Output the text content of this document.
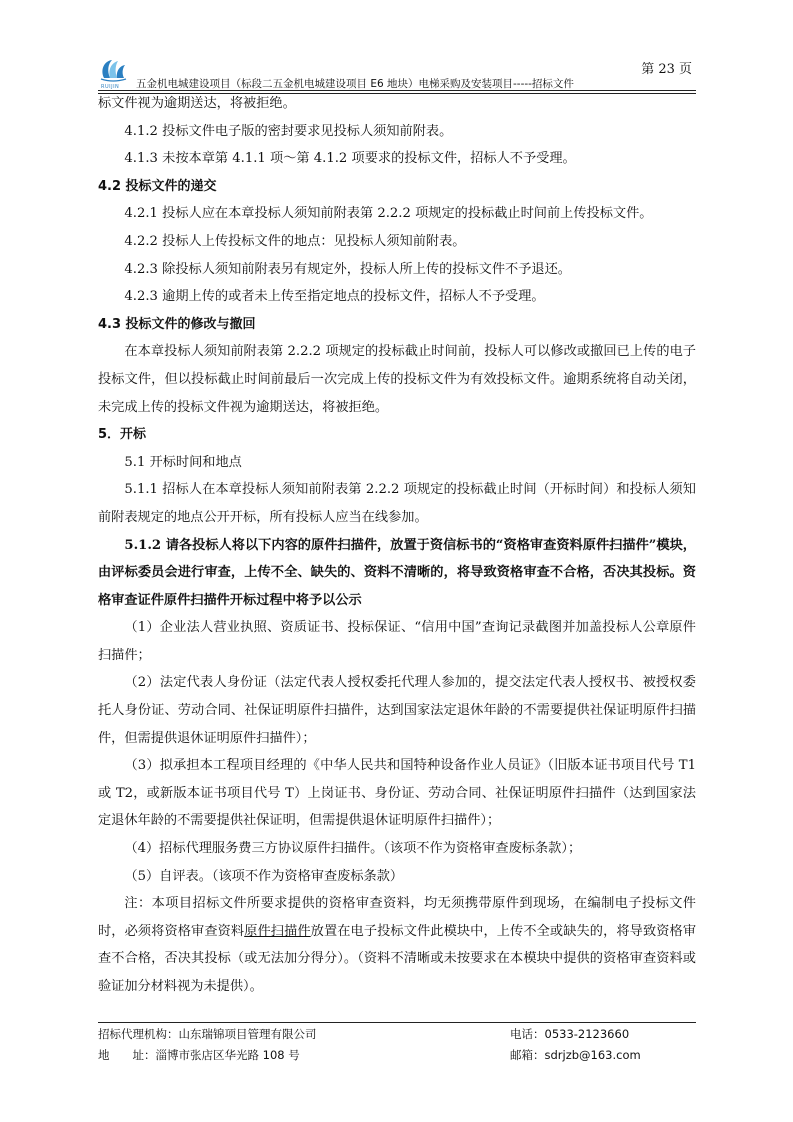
RUIJIN
第 23 页
五金机电城建设项目（标段二五金机电城建设项目 E6 地块）电梯采购及安装项目-----招标文件

标文件视为逾期送达，将被拒绝。

4.1.2 投标文件电子版的密封要求见投标人须知前附表。

4.1.3 未按本章第 4.1.1 项～第 4.1.2 项要求的投标文件，招标人不予受理。

4.2 投标文件的递交

4.2.1 投标人应在本章投标人须知前附表第 2.2.2 项规定的投标截止时间前上传投标文件。

4.2.2 投标人上传投标文件的地点：见投标人须知前附表。

4.2.3 除投标人须知前附表另有规定外，投标人所上传的投标文件不予退还。

4.2.3 逾期上传的或者未上传至指定地点的投标文件，招标人不予受理。

4.3 投标文件的修改与撤回

在本章投标人须知前附表第 2.2.2 项规定的投标截止时间前，投标人可以修改或撤回已上传的电子投标文件，但以投标截止时间前最后一次完成上传的投标文件为有效投标文件。逾期系统将自动关闭，未完成上传的投标文件视为逾期送达，将被拒绝。

5．开标

5.1 开标时间和地点

5.1.1 招标人在本章投标人须知前附表第 2.2.2 项规定的投标截止时间（开标时间）和投标人须知前附表规定的地点公开开标，所有投标人应当在线参加。

5.1.2 请各投标人将以下内容的原件扫描件，放置于资信标书的“资格审查资料原件扫描件”模块，由评标委员会进行审查，上传不全、缺失的、资料不清晰的，将导致资格审查不合格，否决其投标。资格审查证件原件扫描件开标过程中将予以公示

（1）企业法人营业执照、资质证书、投标保证、“信用中国”查询记录截图并加盖投标人公章原件扫描件；

（2）法定代表人身份证（法定代表人授权委托代理人参加的，提交法定代表人授权书、被授权委托人身份证、劳动合同、社保证明原件扫描件，达到国家法定退休年龄的不需要提供社保证明原件扫描件，但需提供退休证明原件扫描件）；

（3）拟承担本工程项目经理的《中华人民共和国特种设备作业人员证》（旧版本证书项目代号 T1 或 T2，或新版本证书项目代号 T）上岗证书、身份证、劳动合同、社保证明原件扫描件（达到国家法定退休年龄的不需要提供社保证明，但需提供退休证明原件扫描件）；

（4）招标代理服务费三方协议原件扫描件。（该项不作为资格审查废标条款）；

（5）自评表。（该项不作为资格审查废标条款）

注：本项目招标文件所要求提供的资格审查资料，均无须携带原件到现场，在编制电子投标文件时，必须将资格审查资料原件扫描件放置在电子投标文件此模块中，上传不全或缺失的，将导致资格审查不合格，否决其投标（或无法加分得分）。（资料不清晰或未按要求在本模块中提供的资格审查资料或验证加分材料视为未提供）。

招标代理机构：山东瑞锦项目管理有限公司	电话：0533-2123660
地　　址：淄博市张店区华光路 108 号	邮箱：sdrjzb@163.com
